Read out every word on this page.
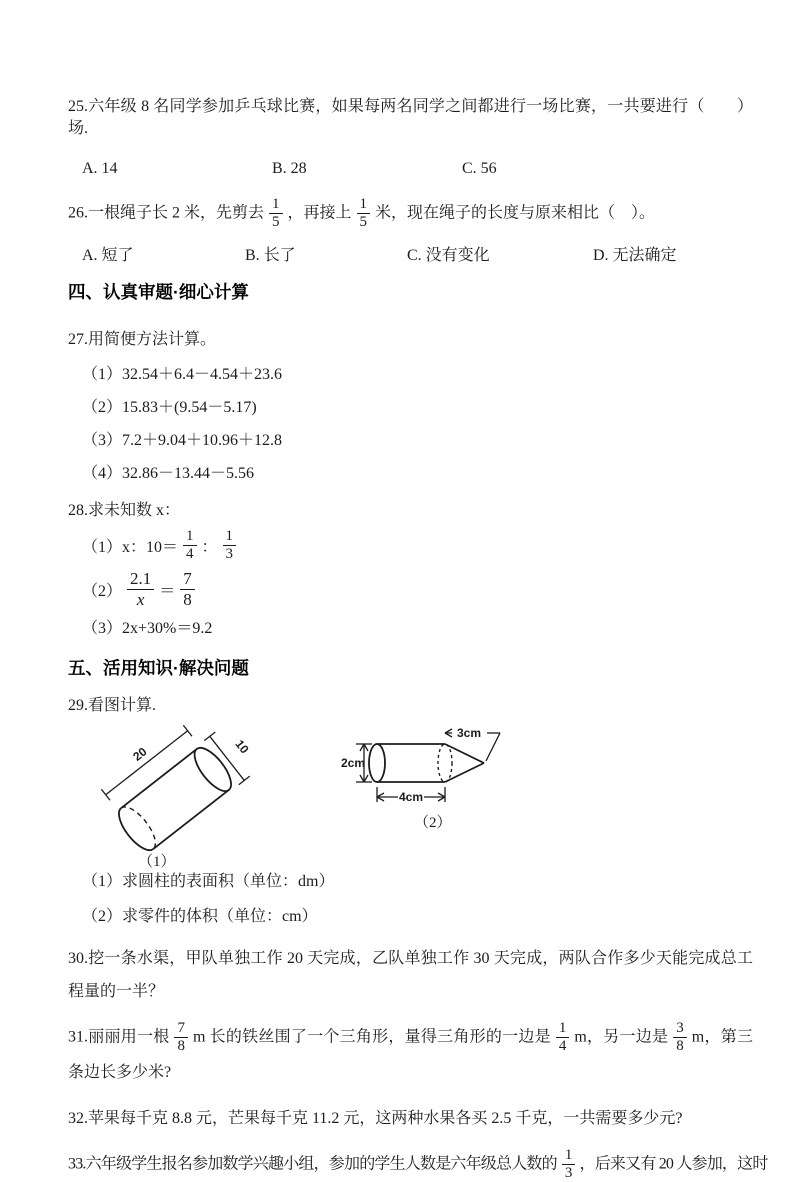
25.六年级 8 名同学参加乒乓球比赛，如果每两名同学之间都进行一场比赛，一共要进行（　　）场.

A. 14	B. 28	C. 56

26.一根绳子长 2 米，先剪去 $\frac{1}{5}$ ，再接上 $\frac{1}{5}$ 米，现在绳子的长度与原来相比（　）。

A. 短了	B. 长了	C. 没有变化	D. 无法确定

四、认真审题·细心计算

27.用简便方法计算。

（1）32.54＋6.4－4.54＋23.6

（2）15.83＋(9.54－5.17)

（3）7.2＋9.04＋10.96＋12.8

（4）32.86－13.44－5.56

28.求未知数 x：

（1）x：$10= \frac{1}{4}$ ： $\frac{1}{3}$
$(2) \frac{2.1}{x} = \frac{7}{8}$

（3）2x+30%＝9.2

五、活用知识·解决问题

29.看图计算.

20	10
（1）
2cm
4cm
3cm
（2）

（1）求圆柱的表面积（单位：dm）

（2）求零件的体积（单位：cm）

30.挖一条水渠，甲队单独工作 20 天完成，乙队单独工作 30 天完成，两队合作多少天能完成总工程量的一半？

31.丽丽用一根 $\frac{7}{8}$ m 长的铁丝围了一个三角形，量得三角形的一边是 $\frac{1}{4}$ m，另一边是 $\frac{3}{8}$ m，第三条边长多少米?

32.苹果每千克 8.8 元，芒果每千克 11.2 元，这两种水果各买 2.5 千克，一共需要多少元?

33.六年级学生报名参加数学兴趣小组，参加的学生人数是六年级总人数的 $\frac{1}{3}$ ，后来又有 20 人参加，这时
